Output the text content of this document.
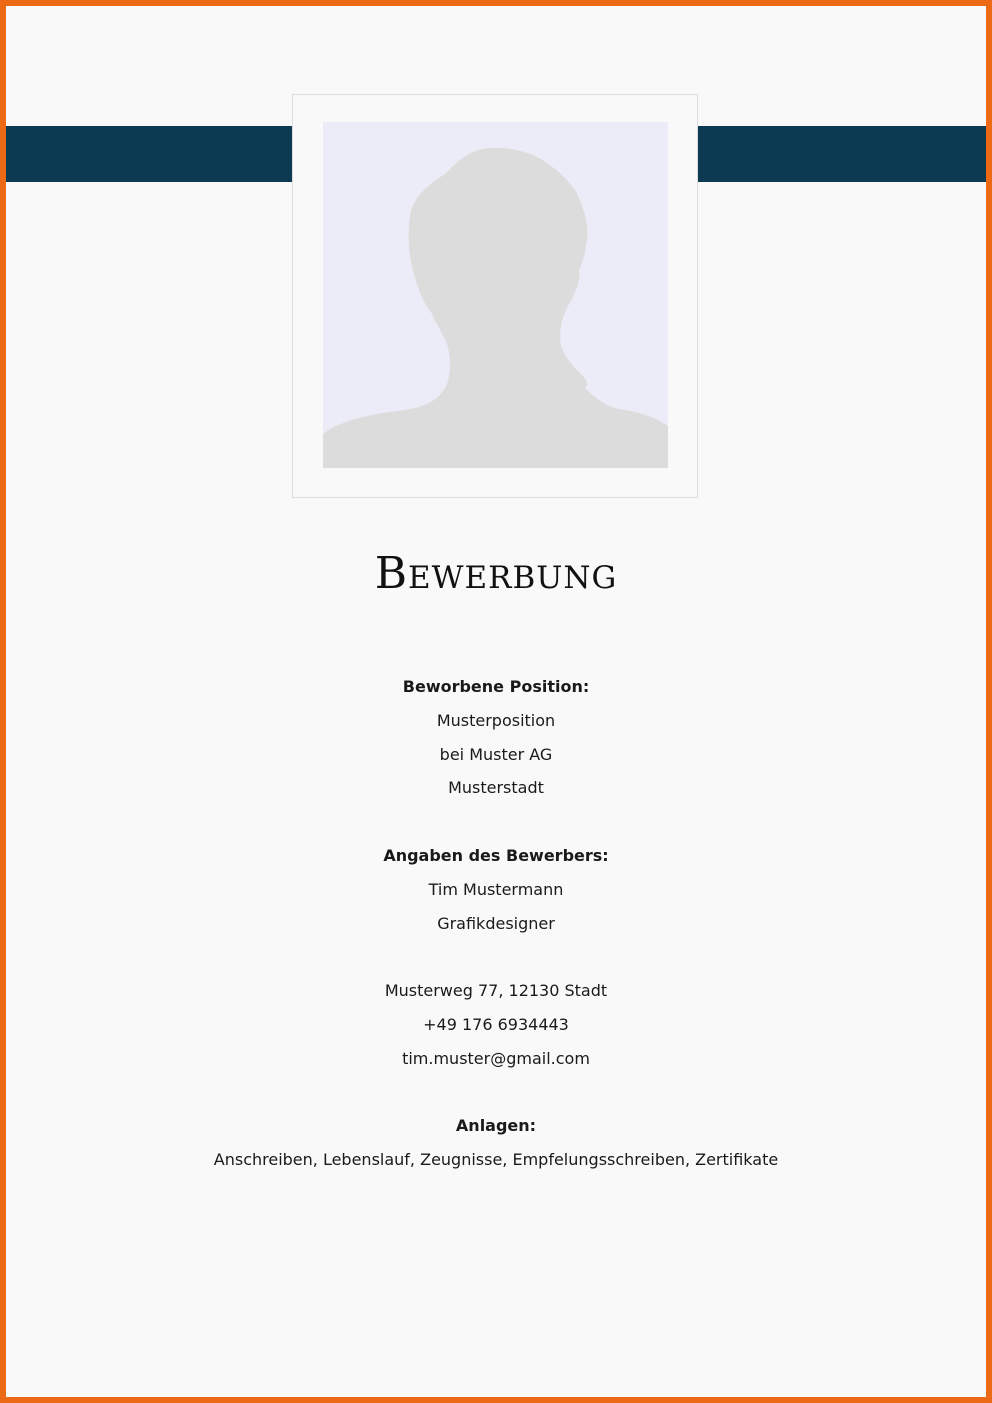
Bewerbung
Beworbene Position:
Musterposition
bei Muster AG
Musterstadt
Angaben des Bewerbers:
Tim Mustermann
Grafikdesigner
Musterweg 77, 12130 Stadt
+49 176 6934443
tim.muster@gmail.com
Anlagen:
Anschreiben, Lebenslauf, Zeugnisse, Empfelungsschreiben, Zertifikate
